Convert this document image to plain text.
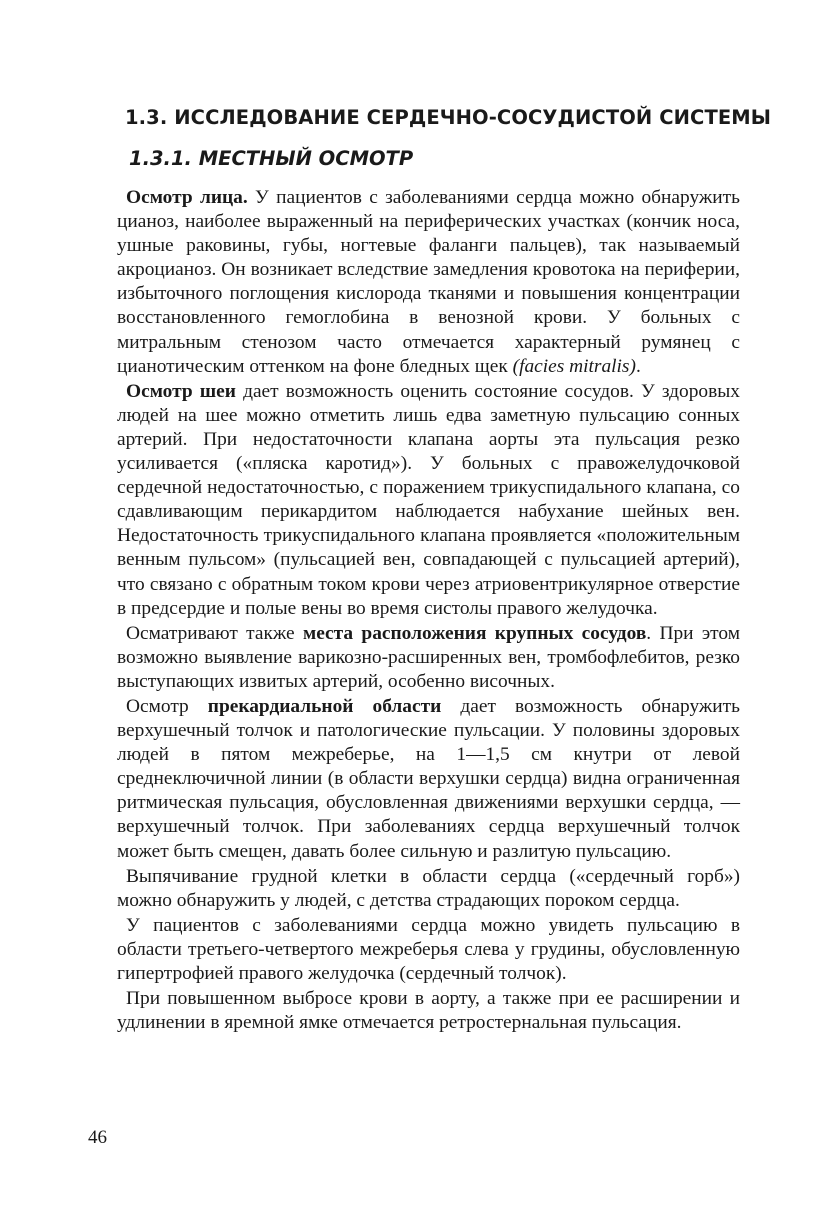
1.3. ИССЛЕДОВАНИЕ СЕРДЕЧНО-СОСУДИСТОЙ СИСТЕМЫ
1.3.1. МЕСТНЫЙ ОСМОТР

Осмотр лица. У пациентов с заболеваниями сердца можно обнаружить цианоз, наиболее выраженный на периферических участках (кончик носа, ушные раковины, губы, ногтевые фаланги пальцев), так называемый акроцианоз. Он возникает вследствие замедления кровотока на периферии, избыточного поглощения кислорода тканями и повышения концентрации восстановленного гемоглобина в венозной крови. У больных с митральным стенозом часто отмечается характерный румянец с цианотическим оттенком на фоне бледных щек (facies mitralis).

Осмотр шеи дает возможность оценить состояние сосудов. У здоровых людей на шее можно отметить лишь едва заметную пульсацию сонных артерий. При недостаточности клапана аорты эта пульсация резко усиливается («пляска каротид»). У больных с правожелудочковой сердечной недостаточностью, с поражением трикуспидального клапана, со сдавливающим перикардитом наблюдается набухание шейных вен. Недостаточность трикуспидального клапана проявляется «положительным венным пульсом» (пульсацией вен, совпадающей с пульсацией артерий), что связано с обратным током крови через атриовентрикулярное отверстие в предсердие и полые вены во время систолы правого желудочка.

Осматривают также места расположения крупных сосудов. При этом возможно выявление варикозно-расширенных вен, тромбофлебитов, резко выступающих извитых артерий, особенно височных.

Осмотр прекардиальной области дает возможность обнаружить верхушечный толчок и патологические пульсации. У половины здоровых людей в пятом межреберье, на 1—1,5 см кнутри от левой среднеключичной линии (в области верхушки сердца) видна ограниченная ритмическая пульсация, обусловленная движениями верхушки сердца, — верхушечный толчок. При заболеваниях сердца верхушечный толчок может быть смещен, давать более сильную и разлитую пульсацию.

Выпячивание грудной клетки в области сердца («сердечный горб») можно обнаружить у людей, с детства страдающих пороком сердца.

У пациентов с заболеваниями сердца можно увидеть пульсацию в области третьего-четвертого межреберья слева у грудины, обусловленную гипертрофией правого желудочка (сердечный толчок).

При повышенном выбросе крови в аорту, а также при ее расширении и удлинении в яремной ямке отмечается ретростернальная пульсация.

46
